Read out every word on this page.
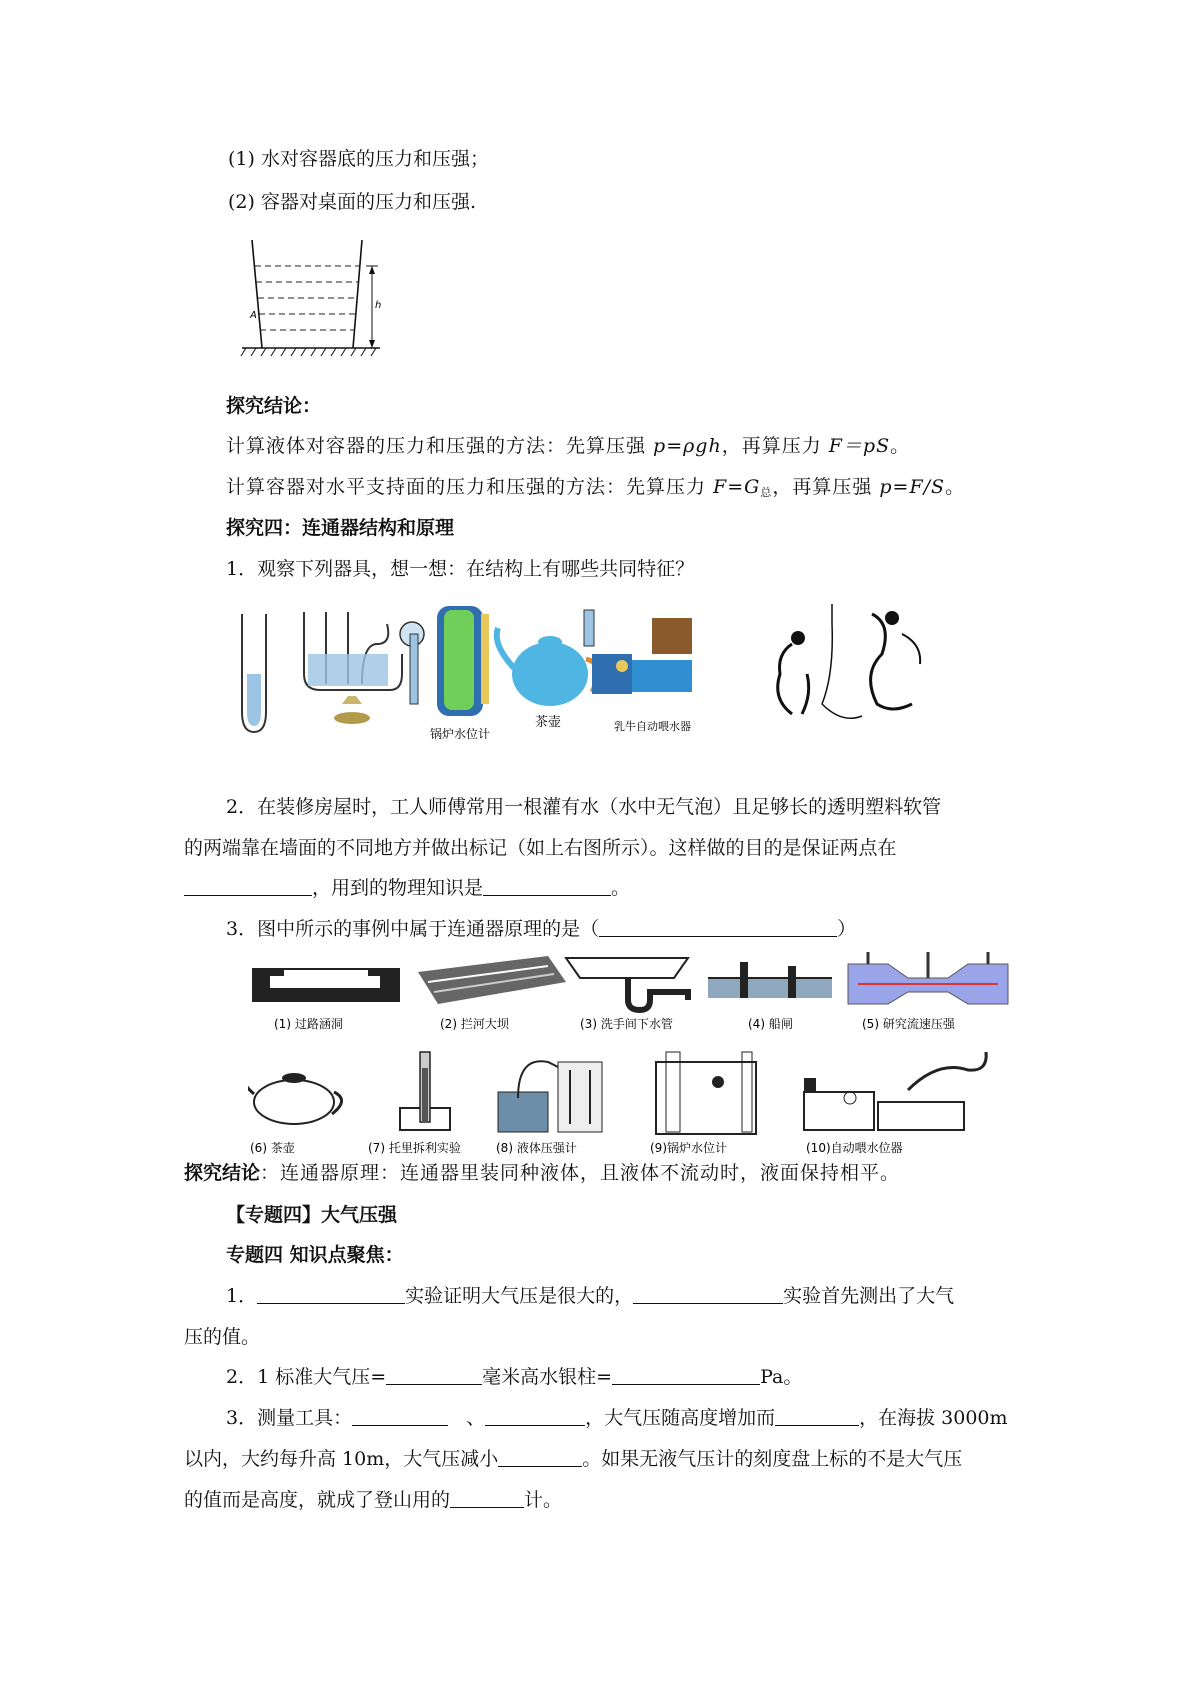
(1) 水对容器底的压力和压强；
(2) 容器对桌面的压力和压强.
h
A
探究结论：
计算液体对容器的压力和压强的方法：先算压强 p=ρgh，再算压力 F＝pS。
计算容器对水平支持面的压力和压强的方法：先算压力 $F=G_总$，再算压强 p=F/S。
探究四：连通器结构和原理
1．观察下列器具，想一想：在结构上有哪些共同特征？
锅炉水位计
茶壶	乳牛自动喂水器
2．在装修房屋时，工人师傅常用一根灌有水（水中无气泡）且足够长的透明塑料软管
的两端靠在墙面的不同地方并做出标记（如上右图所示）。这样做的目的是保证两点在
，用到的物理知识是	。
3．图中所示的事例中属于连通器原理的是（	）
(1) 过路涵洞	(2) 拦河大坝	(3) 洗手间下水管	(4) 船闸	(5) 研究流速压强
(6) 茶壶	(7) 托里拆利实验	(8) 液体压强计	(9)锅炉水位计	(10)自动喂水位器
探究结论：连通器原理：连通器里装同种液体，且液体不流动时，液面保持相平。
【专题四】大气压强
专题四 知识点聚焦：
1．	实验证明大气压是很大的，	实验首先测出了大气
压的值。
2．1 标准大气压=	毫米高水银柱=	Pa。
3．测量工具：	、	，大气压随高度增加而	，在海拔 3000m
以内，大约每升高 10m，大气压减小	。如果无液气压计的刻度盘上标的不是大气压
的值而是高度，就成了登山用的	计。
